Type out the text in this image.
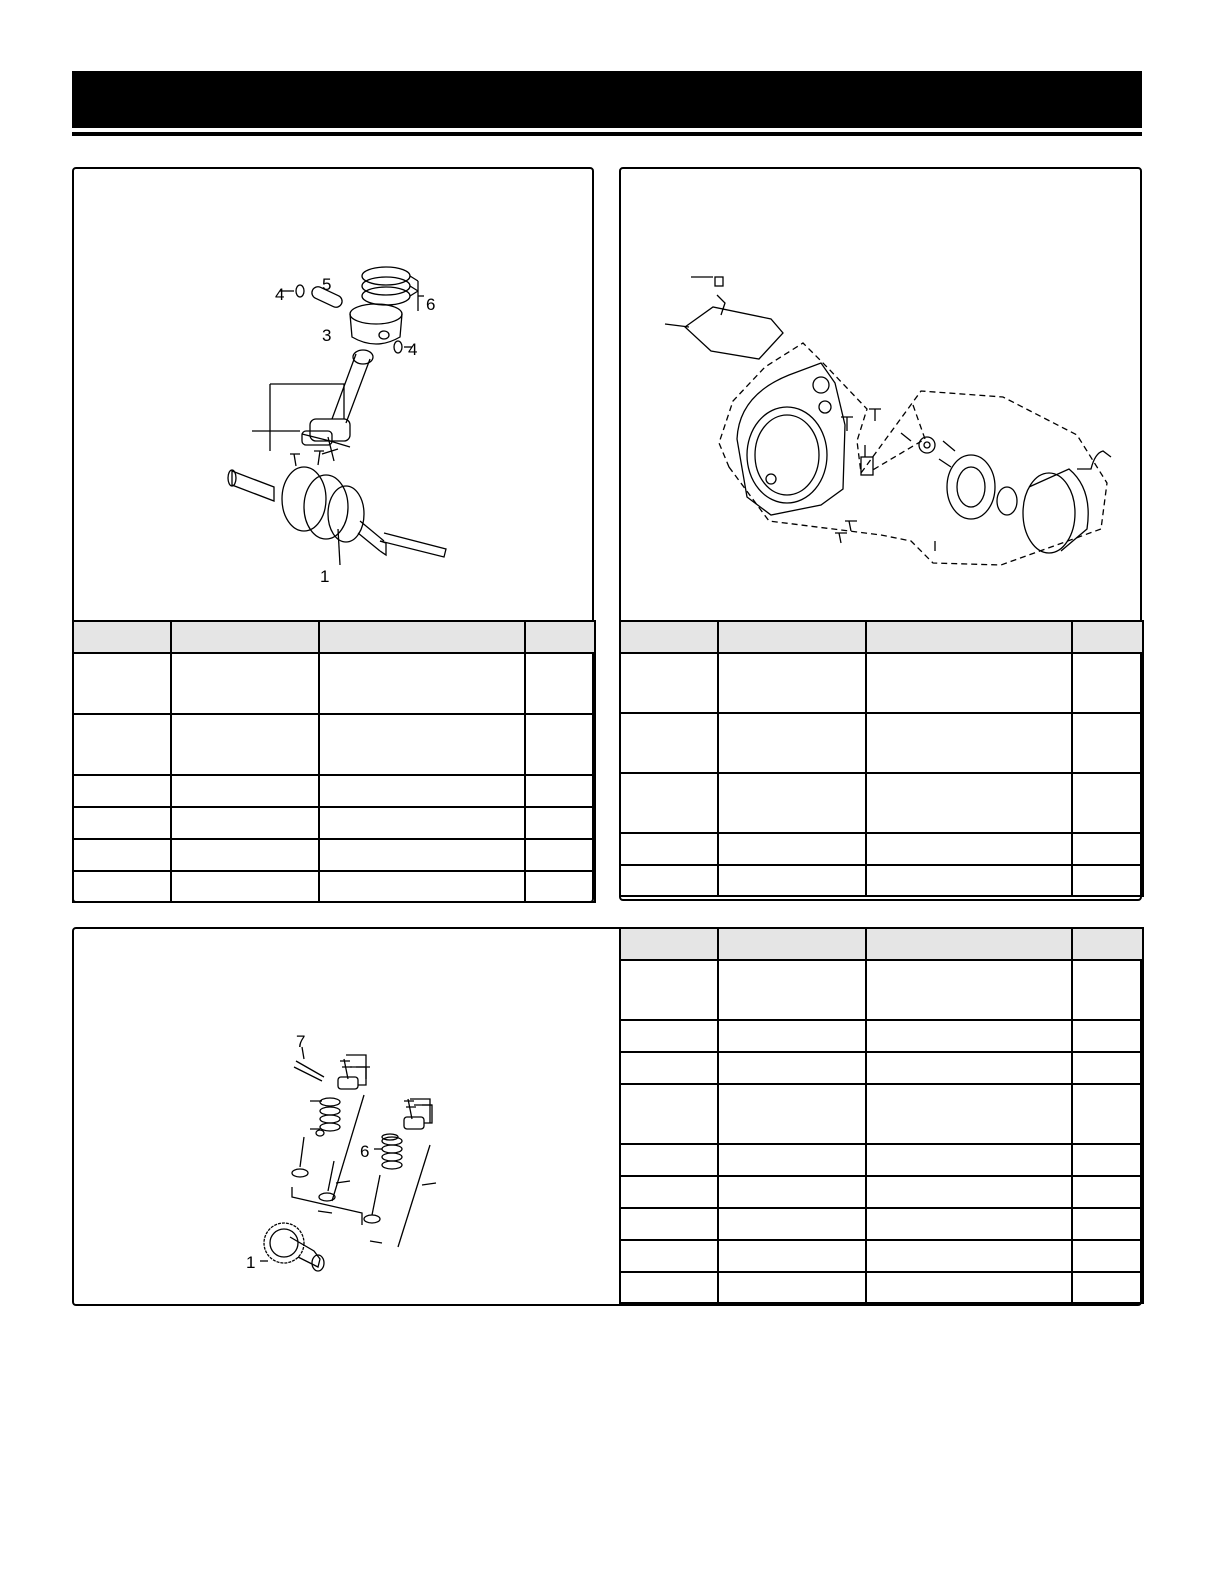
1
3
4
4
5
6

7
6
1
